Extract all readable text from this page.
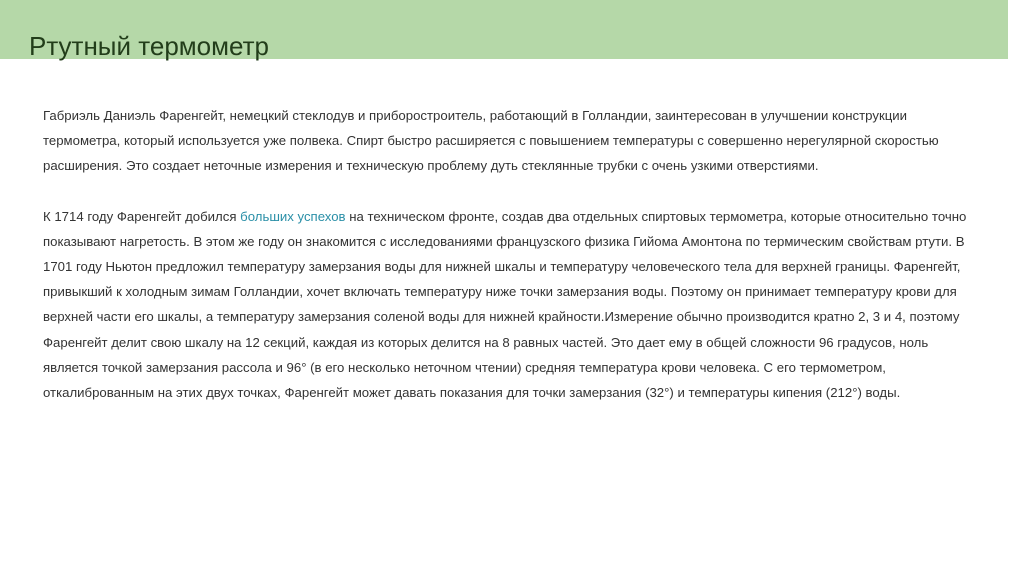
Ртутный термометр

Габриэль Даниэль Фаренгейт, немецкий стеклодув и приборостроитель, работающий в Голландии, заинтересован в улучшении конструкции термометра, который используется уже полвека. Спирт быстро расширяется с повышением температуры с совершенно нерегулярной скоростью расширения. Это создает неточные измерения и техническую проблему дуть стеклянные трубки с очень узкими отверстиями.

К 1714 году Фаренгейт добился больших успехов на техническом фронте, создав два отдельных спиртовых термометра, которые относительно точно показывают нагретость. В этом же году он знакомится с исследованиями французского физика Гийома Амонтона по термическим свойствам ртути. В 1701 году Ньютон предложил температуру замерзания воды для нижней шкалы и температуру человеческого тела для верхней границы. Фаренгейт, привыкший к холодным зимам Голландии, хочет включать температуру ниже точки замерзания воды. Поэтому он принимает температуру крови для верхней части его шкалы, а температуру замерзания соленой воды для нижней крайности.Измерение обычно производится кратно 2, 3 и 4, поэтому Фаренгейт делит свою шкалу на 12 секций, каждая из которых делится на 8 равных частей. Это дает ему в общей сложности 96 градусов, ноль является точкой замерзания рассола и 96° (в его несколько неточном чтении) средняя температура крови человека. С его термометром, откалиброванным на этих двух точках, Фаренгейт может давать показания для точки замерзания (32°) и температуры кипения (212°) воды.
